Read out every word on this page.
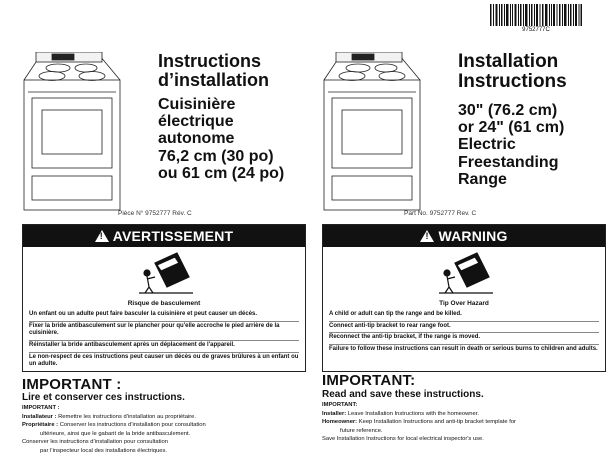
9752777C
Instructions d’installation
Cuisinière
électrique
autonome
76,2 cm (30 po)
ou 61 cm (24 po)
Pièce N° 9752777 Rév. C
!
AVERTISSEMENT
Risque de basculement

Un enfant ou un adulte peut faire basculer la cuisinière et peut causer un décès.

Fixer la bride antibasculement sur le plancher pour qu'elle accroche le pied arrière de la cuisinière.

Réinstaller la bride antibasculement après un déplacement de l'appareil.

Le non-respect de ces instructions peut causer un décès ou de graves brûlures à un enfant ou un adulte.

IMPORTANT :
Lire et conserver ces instructions.

IMPORTANT :

Installateur : Remettre les instructions d’installation au propriétaire.

Propriétaire : Conserver les instructions d’installation pour consultation

ultérieure, ainsi que le gabarit de la bride antibasculement.

Conserver les instructions d’installation pour consultation

par l’inspecteur local des installations électriques.

Installation Instructions
30" (76.2 cm)
or 24" (61 cm)
Electric
Freestanding
Range
Part No. 9752777 Rev. C
!
WARNING
Tip Over Hazard

A child or adult can tip the range and be killed.

Connect anti-tip bracket to rear range foot.

Reconnect the anti-tip bracket, if the range is moved.

Failure to follow these instructions can result in death or serious burns to children and adults.

IMPORTANT:
Read and save these instructions.

IMPORTANT:

Installer: Leave Installation Instructions with the homeowner.

Homeowner: Keep Installation Instructions and anti-tip bracket template for

future reference.

Save Installation Instructions for local electrical inspector's use.
